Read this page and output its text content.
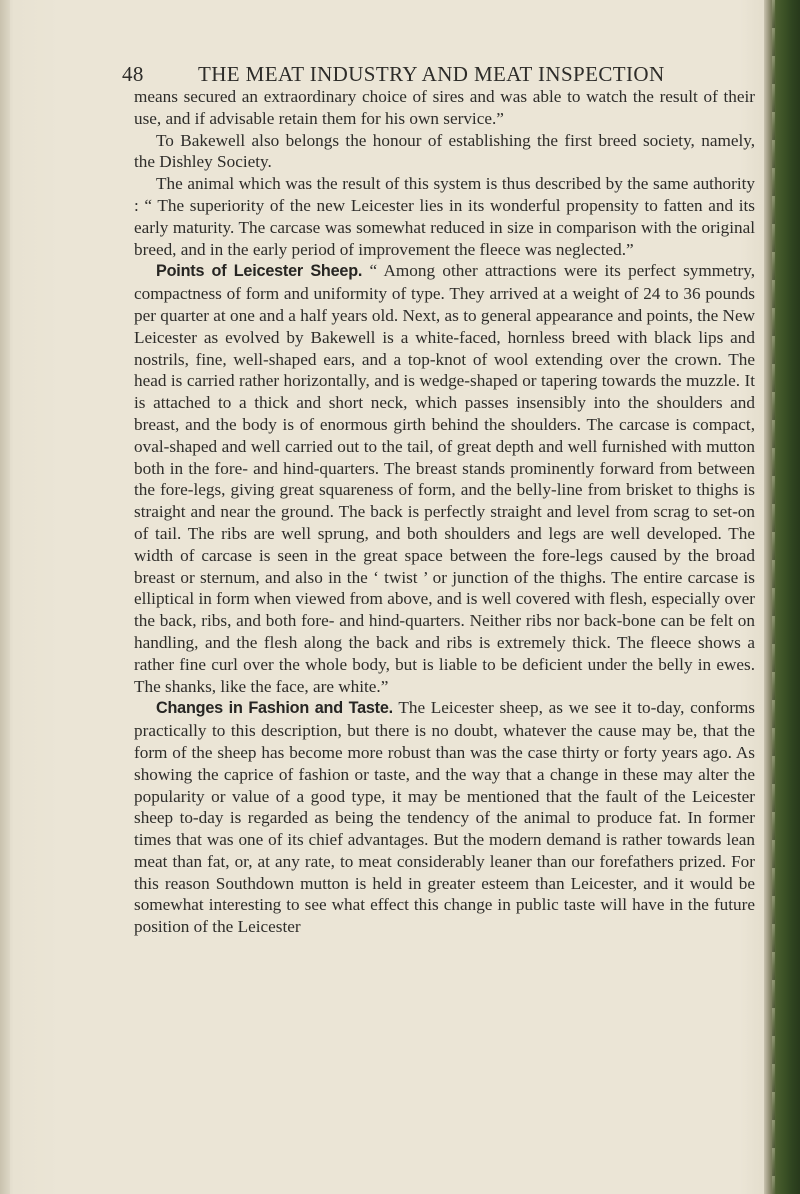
48	THE MEAT INDUSTRY AND MEAT INSPECTION

means secured an extraordinary choice of sires and was able to watch the result of their use, and if advisable retain them for his own service.”

To Bakewell also belongs the honour of establishing the first breed society, namely, the Dishley Society.

The animal which was the result of this system is thus described by the same authority : “ The superiority of the new Leicester lies in its wonderful propensity to fatten and its early maturity. The carcase was somewhat reduced in size in comparison with the original breed, and in the early period of improvement the fleece was neglected.”

Points of Leicester Sheep. “ Among other attractions were its perfect symmetry, compactness of form and uniformity of type. They arrived at a weight of 24 to 36 pounds per quarter at one and a half years old. Next, as to general appearance and points, the New Leicester as evolved by Bakewell is a white-faced, hornless breed with black lips and nostrils, fine, well-shaped ears, and a top-knot of wool extending over the crown. The head is carried rather horizontally, and is wedge-shaped or tapering towards the muzzle. It is attached to a thick and short neck, which passes insensibly into the shoulders and breast, and the body is of enormous girth behind the shoulders. The carcase is compact, oval-shaped and well carried out to the tail, of great depth and well furnished with mutton both in the fore- and hind-quarters. The breast stands prominently forward from between the fore-legs, giving great squareness of form, and the belly-line from brisket to thighs is straight and near the ground. The back is perfectly straight and level from scrag to set-on of tail. The ribs are well sprung, and both shoulders and legs are well developed. The width of carcase is seen in the great space between the fore-legs caused by the broad breast or sternum, and also in the ‘ twist ’ or junction of the thighs. The entire carcase is elliptical in form when viewed from above, and is well covered with flesh, especially over the back, ribs, and both fore- and hind-quarters. Neither ribs nor back-bone can be felt on handling, and the flesh along the back and ribs is extremely thick. The fleece shows a rather fine curl over the whole body, but is liable to be deficient under the belly in ewes. The shanks, like the face, are white.”

Changes in Fashion and Taste. The Leicester sheep, as we see it to-day, conforms practically to this description, but there is no doubt, whatever the cause may be, that the form of the sheep has become more robust than was the case thirty or forty years ago. As showing the caprice of fashion or taste, and the way that a change in these may alter the popularity or value of a good type, it may be mentioned that the fault of the Leicester sheep to-day is regarded as being the tendency of the animal to produce fat. In former times that was one of its chief advantages. But the modern demand is rather towards lean meat than fat, or, at any rate, to meat considerably leaner than our forefathers prized. For this reason Southdown mutton is held in greater esteem than Leicester, and it would be somewhat interesting to see what effect this change in public taste will have in the future position of the Leicester
